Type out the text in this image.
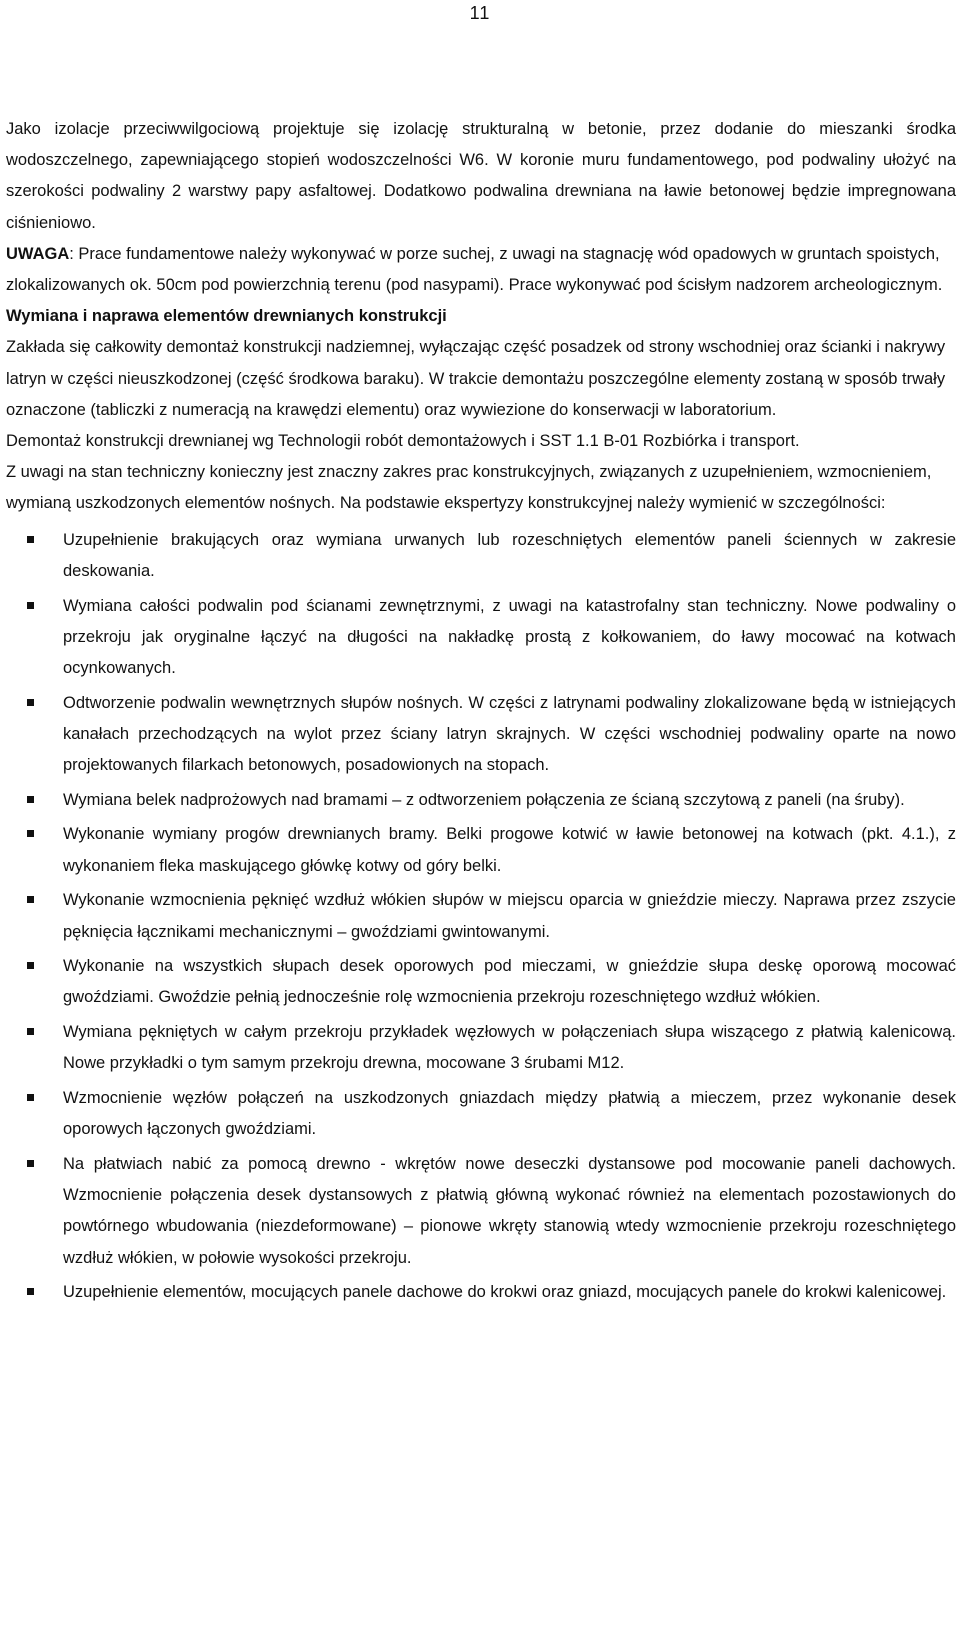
11

Jako izolacje przeciwwilgociową projektuje się izolację strukturalną w betonie, przez dodanie do mieszanki środka wodoszczelnego, zapewniającego stopień wodoszczelności W6. W koronie muru fundamentowego, pod podwaliny ułożyć na szerokości podwaliny 2 warstwy papy asfaltowej. Dodatkowo podwalina drewniana na ławie betonowej będzie impregnowana ciśnieniowo.

UWAGA: Prace fundamentowe należy wykonywać w porze suchej, z uwagi na stagnację wód opadowych w gruntach spoistych, zlokalizowanych ok. 50cm pod powierzchnią terenu (pod nasypami). Prace wykonywać pod ścisłym nadzorem archeologicznym.

Wymiana i naprawa elementów drewnianych konstrukcji

Zakłada się całkowity demontaż konstrukcji nadziemnej, wyłączając część posadzek od strony wschodniej oraz ścianki i nakrywy latryn w części nieuszkodzonej (część środkowa baraku). W trakcie demontażu poszczególne elementy zostaną w sposób trwały oznaczone (tabliczki z numeracją na krawędzi elementu) oraz wywiezione do konserwacji w laboratorium.

Demontaż konstrukcji drewnianej wg Technologii robót demontażowych i SST 1.1 B-01 Rozbiórka i transport.

Z uwagi na stan techniczny konieczny jest znaczny zakres prac konstrukcyjnych, związanych z uzupełnieniem, wzmocnieniem, wymianą uszkodzonych elementów nośnych. Na podstawie ekspertyzy konstrukcyjnej należy wymienić w szczególności:

Uzupełnienie brakujących oraz wymiana urwanych lub rozeschniętych elementów paneli ściennych w zakresie deskowania.
Wymiana całości podwalin pod ścianami zewnętrznymi, z uwagi na katastrofalny stan techniczny. Nowe podwaliny o przekroju jak oryginalne łączyć na długości na nakładkę prostą z kołkowaniem, do ławy mocować na kotwach ocynkowanych.
Odtworzenie podwalin wewnętrznych słupów nośnych. W części z latrynami podwaliny zlokalizowane będą w istniejących kanałach przechodzących na wylot przez ściany latryn skrajnych. W części wschodniej podwaliny oparte na nowo projektowanych filarkach betonowych, posadowionych na stopach.
Wymiana belek nadprożowych nad bramami – z odtworzeniem połączenia ze ścianą szczytową z paneli (na śruby).
Wykonanie wymiany progów drewnianych bramy. Belki progowe kotwić w ławie betonowej na kotwach (pkt. 4.1.), z wykonaniem fleka maskującego główkę kotwy od góry belki.
Wykonanie wzmocnienia pęknięć wzdłuż włókien słupów w miejscu oparcia w gnieździe mieczy. Naprawa przez zszycie pęknięcia łącznikami mechanicznymi – gwoździami gwintowanymi.
Wykonanie na wszystkich słupach desek oporowych pod mieczami, w gnieździe słupa deskę oporową mocować gwoździami. Gwoździe pełnią jednocześnie rolę wzmocnienia przekroju rozeschniętego wzdłuż włókien.
Wymiana pękniętych w całym przekroju przykładek węzłowych w połączeniach słupa wiszącego z płatwią kalenicową. Nowe przykładki o tym samym przekroju drewna, mocowane 3 śrubami M12.
Wzmocnienie węzłów połączeń na uszkodzonych gniazdach między płatwią a mieczem, przez wykonanie desek oporowych łączonych gwoździami.
Na płatwiach nabić za pomocą drewno - wkrętów nowe deseczki dystansowe pod mocowanie paneli dachowych. Wzmocnienie połączenia desek dystansowych z płatwią główną wykonać również na elementach pozostawionych do powtórnego wbudowania (niezdeformowane) – pionowe wkręty stanowią wtedy wzmocnienie przekroju rozeschniętego wzdłuż włókien, w połowie wysokości przekroju.
Uzupełnienie elementów, mocujących panele dachowe do krokwi oraz gniazd, mocujących panele do krokwi kalenicowej.
